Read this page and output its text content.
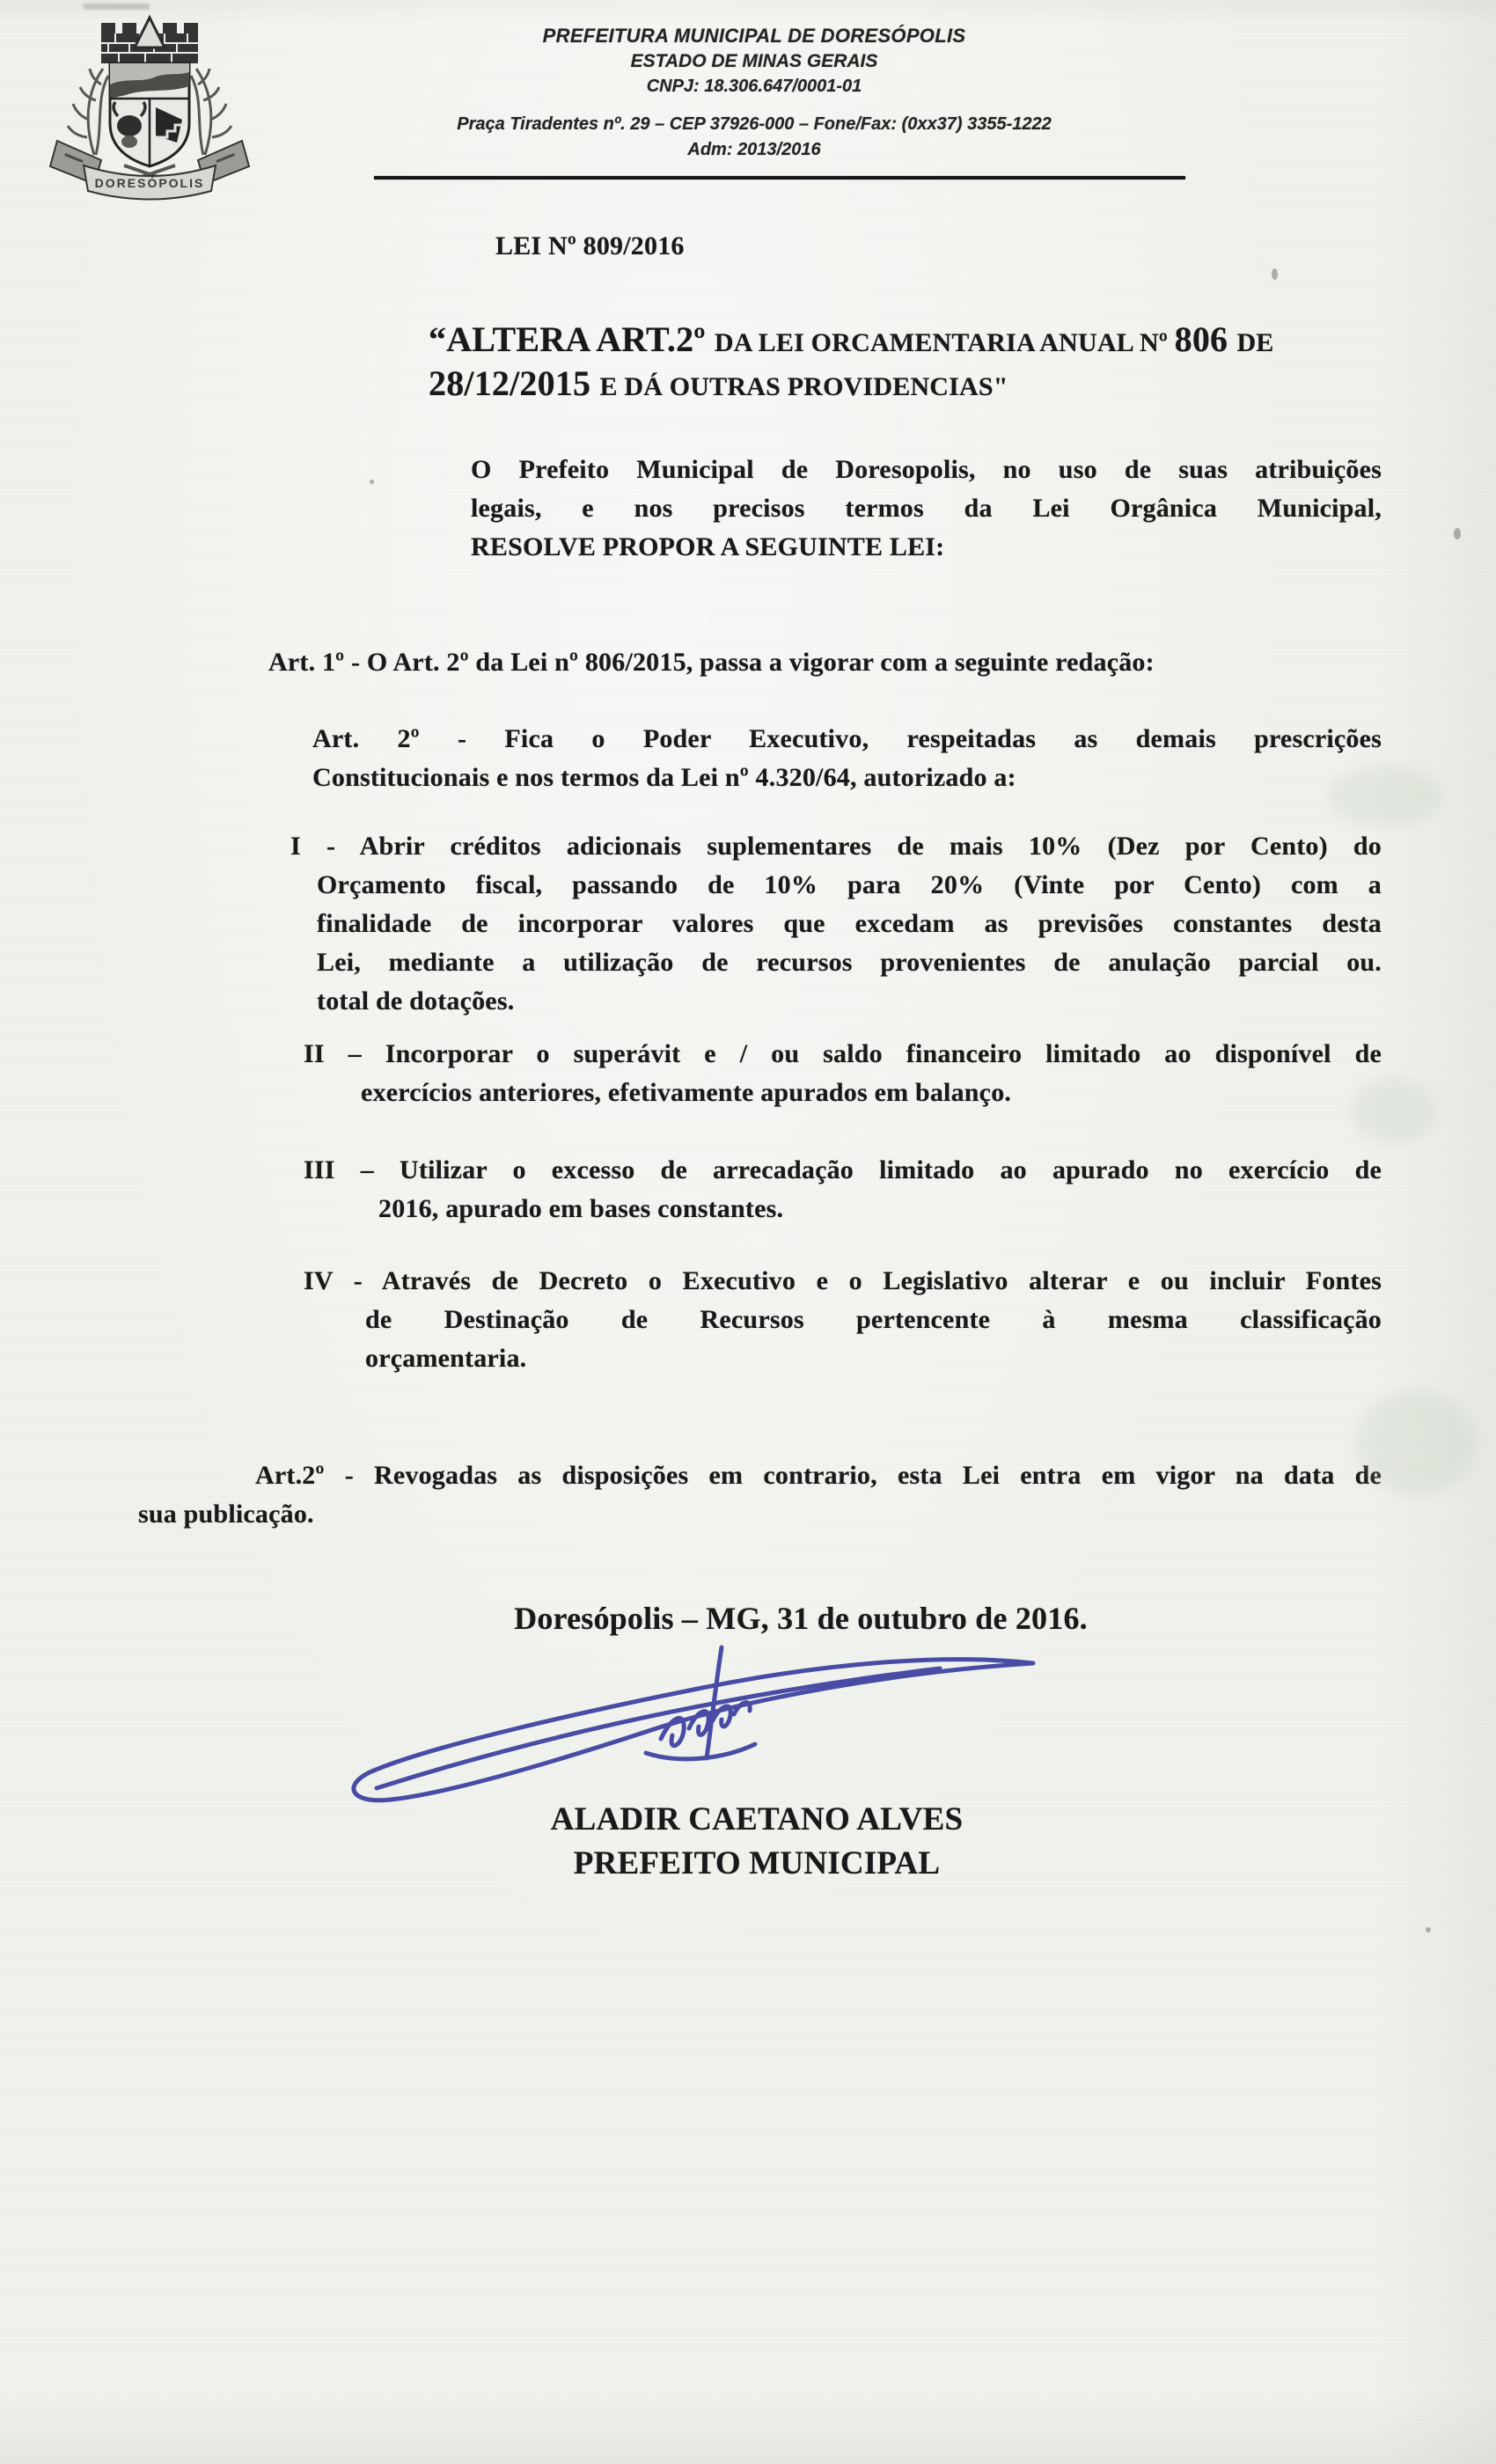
DORESÓPOLIS
PREFEITURA MUNICIPAL DE DORESÓPOLIS
ESTADO DE MINAS GERAIS
CNPJ: 18.306.647/0001-01
Praça Tiradentes nº. 29 – CEP 37926-000 – Fone/Fax: (0xx37) 3355-1222
Adm: 2013/2016
LEI Nº 809/2016
“ALTERA ART.2º DA LEI ORCAMENTARIA ANUAL Nº 806 DE 28/12/2015 E DÁ OUTRAS PROVIDENCIAS"
O Prefeito Municipal de Doresopolis, no uso de suas atribuições
legais, e nos precisos termos da Lei Orgânica Municipal,
RESOLVE PROPOR A SEGUINTE LEI:
Art. 1º - O Art. 2º da Lei nº 806/2015, passa a vigorar com a seguinte redação:
Art. 2º - Fica o Poder Executivo, respeitadas as demais prescrições
Constitucionais e nos termos da Lei nº 4.320/64, autorizado a:
I - Abrir créditos adicionais suplementares de mais 10% (Dez por Cento) do
Orçamento fiscal, passando de 10% para 20% (Vinte por Cento) com a
finalidade de incorporar valores que excedam as previsões constantes desta
Lei, mediante a utilização de recursos provenientes de anulação parcial ou.
total de dotações.
II – Incorporar o superávit e / ou saldo financeiro limitado ao disponível de
exercícios anteriores, efetivamente apurados em balanço.
III – Utilizar o excesso de arrecadação limitado ao apurado no exercício de
2016, apurado em bases constantes.
IV - Através de Decreto o Executivo e o Legislativo alterar e ou incluir Fontes
de Destinação de Recursos pertencente à mesma classificação
orçamentaria.
Art.2º - Revogadas as disposições em contrario, esta Lei entra em vigor na data de
sua publicação.
Doresópolis – MG, 31 de outubro de 2016.
ALADIR CAETANO ALVES
PREFEITO MUNICIPAL
